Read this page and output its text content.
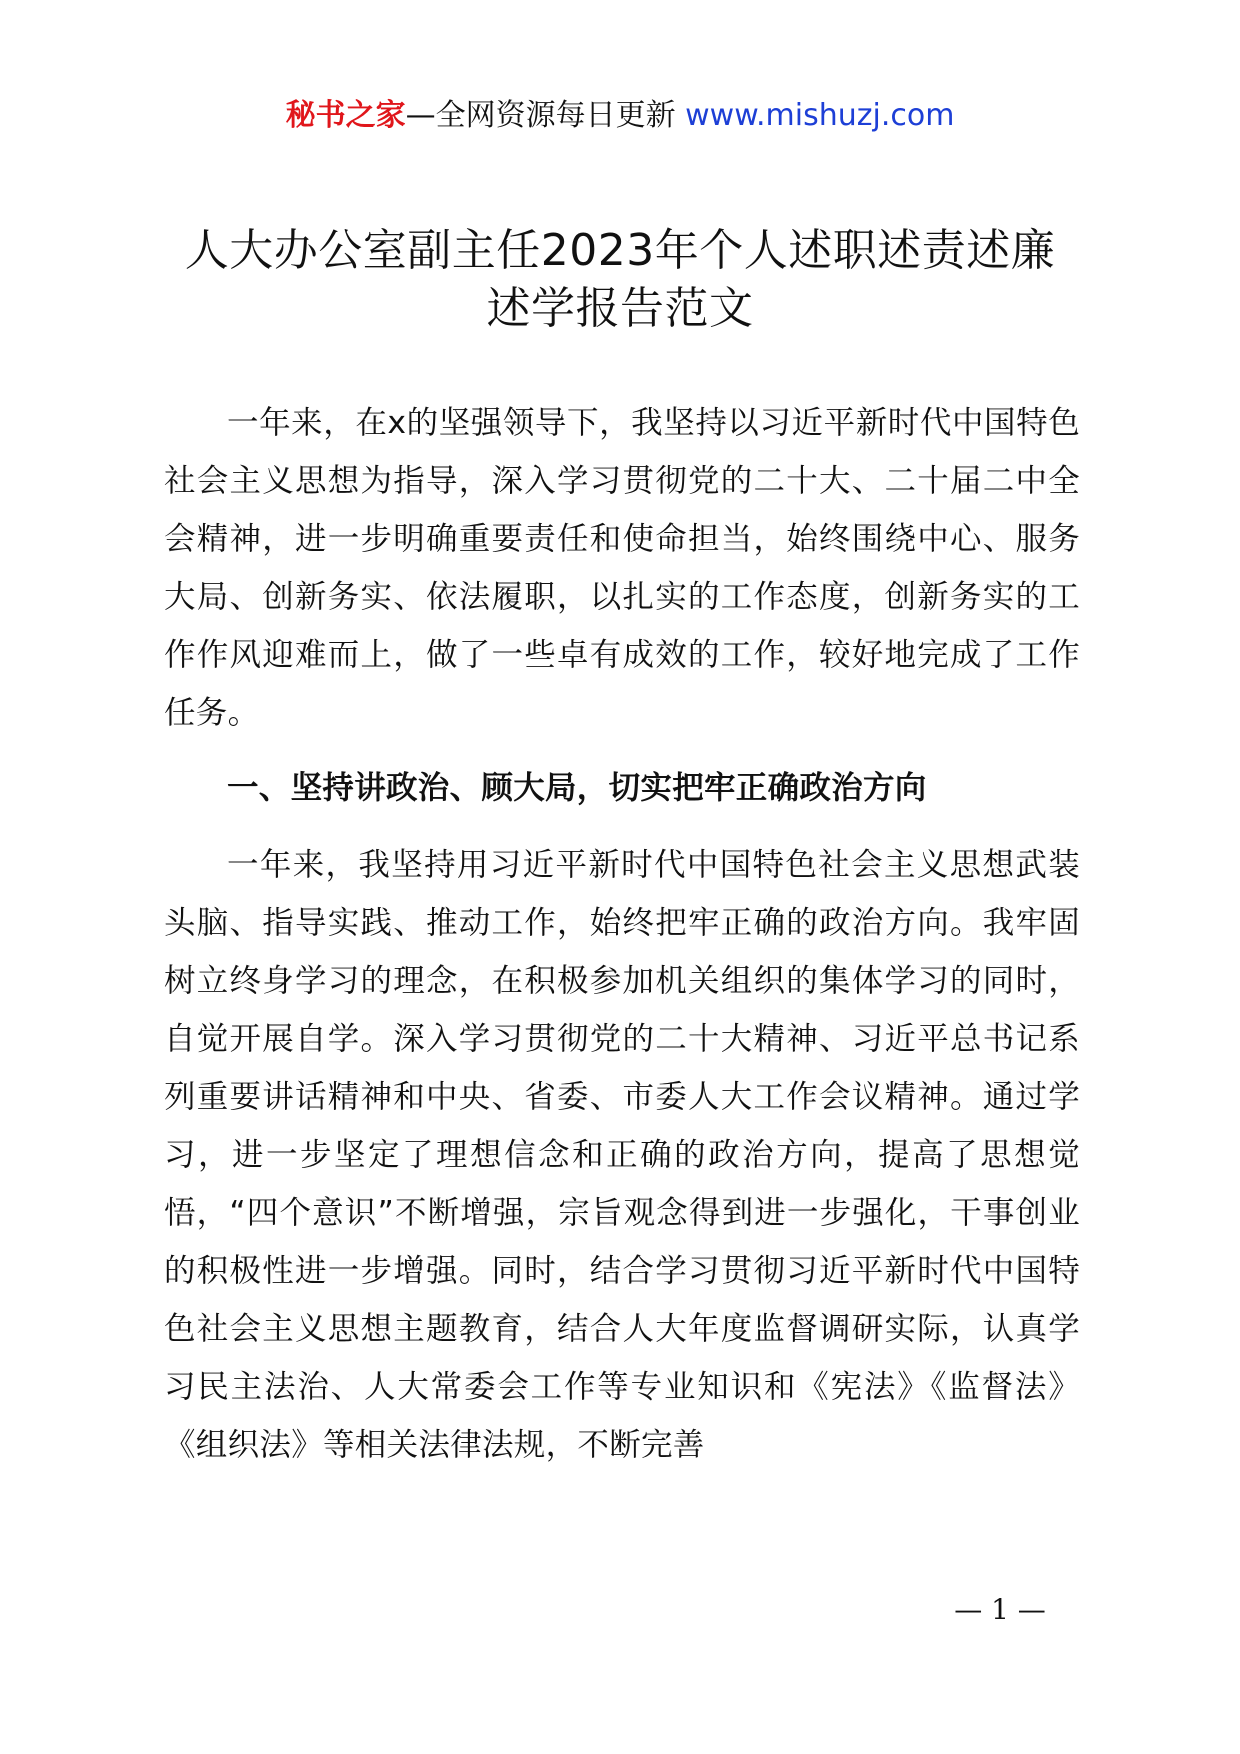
秘书之家—全网资源每日更新 www.mishuzj.com
人大办公室副主任2023年个人述职述责述廉
述学报告范文

一年来，在x的坚强领导下，我坚持以习近平新时代中国特色社会主义思想为指导，深入学习贯彻党的二十大、二十届二中全会精神，进一步明确重要责任和使命担当，始终围绕中心、服务大局、创新务实、依法履职，以扎实的工作态度，创新务实的工作作风迎难而上，做了一些卓有成效的工作，较好地完成了工作任务。

一、坚持讲政治、顾大局，切实把牢正确政治方向

一年来，我坚持用习近平新时代中国特色社会主义思想武装头脑、指导实践、推动工作，始终把牢正确的政治方向。我牢固树立终身学习的理念，在积极参加机关组织的集体学习的同时，自觉开展自学。深入学习贯彻党的二十大精神、习近平总书记系列重要讲话精神和中央、省委、市委人大工作会议精神。通过学习，进一步坚定了理想信念和正确的政治方向，提高了思想觉悟，“四个意识”不断增强，宗旨观念得到进一步强化，干事创业的积极性进一步增强。同时，结合学习贯彻习近平新时代中国特色社会主义思想主题教育，结合人大年度监督调研实际，认真学习民主法治、人大常委会工作等专业知识和《宪法》《监督法》《组织法》等相关法律法规，不断完善

— 1 —
